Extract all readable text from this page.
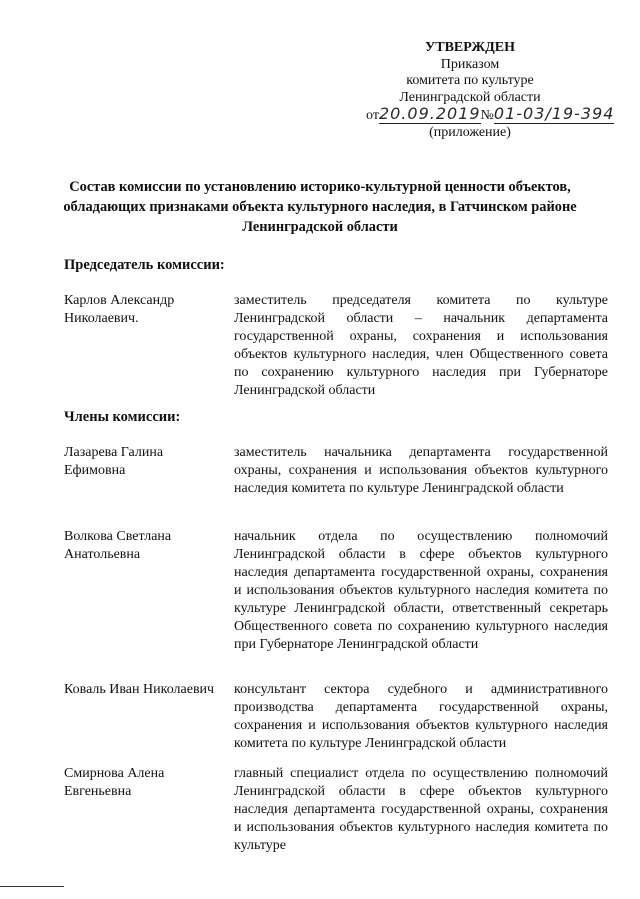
УТВЕРЖДЕН
Приказом
комитета по культуре
Ленинградской области
от20.09.2019№01-03/19-394
(приложение)
Состав комиссии по установлению историко-культурной ценности объектов, обладающих признаками объекта культурного наследия, в Гатчинском районе Ленинградской области
Председатель комиссии:
Карлов Александр Николаевич.
заместитель председателя комитета по культуре Ленинградской области – начальник департамента государственной охраны, сохранения и использования объектов культурного наследия, член Общественного совета по сохранению культурного наследия при Губернаторе Ленинградской области
Члены комиссии:
Лазарева Галина Ефимовна
заместитель начальника департамента государственной охраны, сохранения и использования объектов культурного наследия комитета по культуре Ленинградской области
Волкова Светлана Анатольевна
начальник отдела по осуществлению полномочий Ленинградской области в сфере объектов культурного наследия департамента государственной охраны, сохранения и использования объектов культурного наследия комитета по культуре Ленинградской области, ответственный секретарь Общественного совета по сохранению культурного наследия при Губернаторе Ленинградской области
Коваль Иван Николаевич	консультант сектора судебного и административного производства департамента государственной охраны, сохранения и использования объектов культурного наследия комитета по культуре Ленинградской области
Смирнова Алена Евгеньевна
главный специалист отдела по осуществлению полномочий Ленинградской области в сфере объектов культурного наследия департамента государственной охраны, сохранения и использования объектов культурного наследия комитета по культуре
